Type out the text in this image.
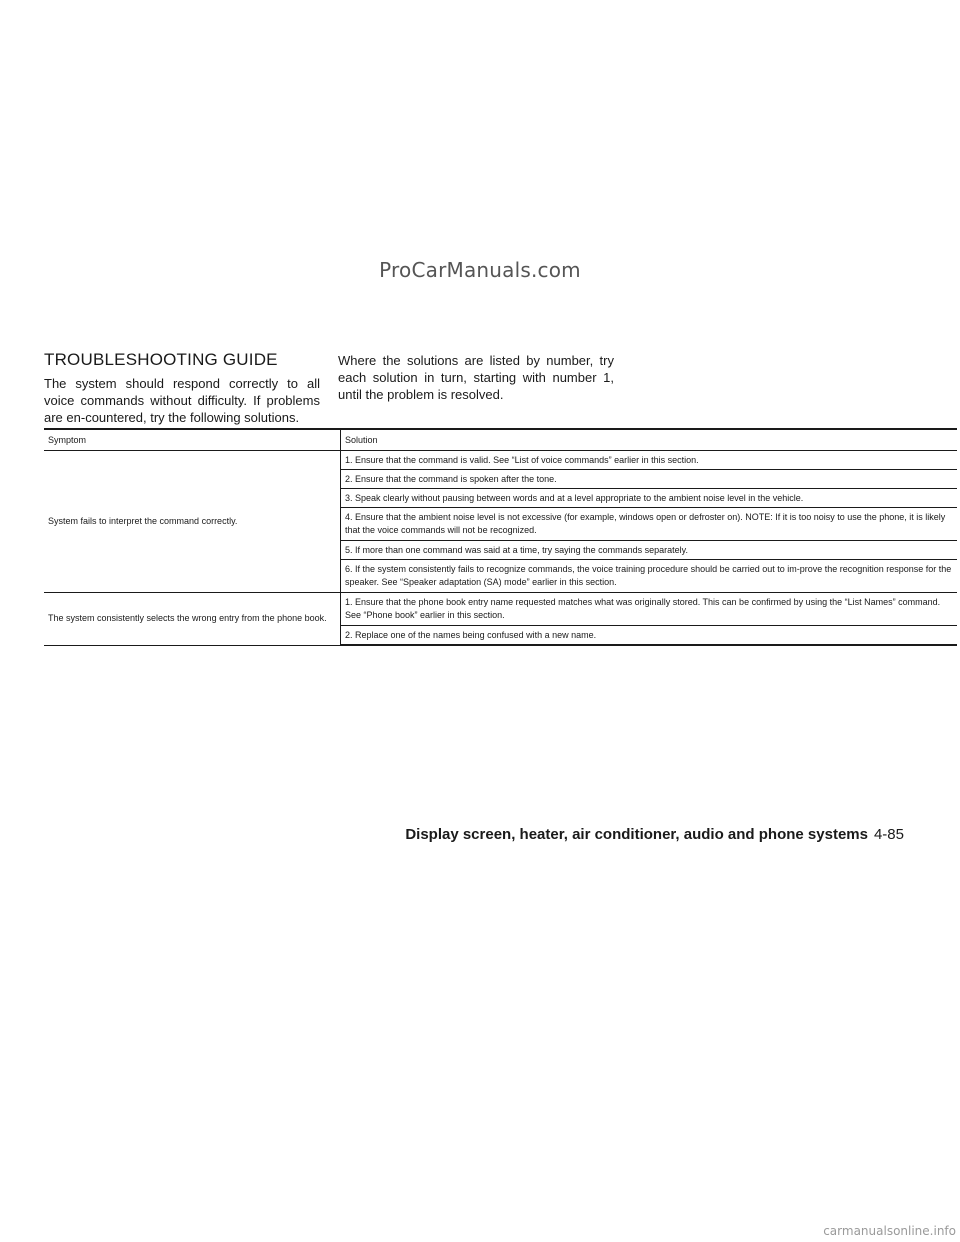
ProCarManuals.com
TROUBLESHOOTING GUIDE

The system should respond correctly to all voice commands without difficulty. If problems are en-countered, try the following solutions.

Where the solutions are listed by number, try each solution in turn, starting with number 1, until the problem is resolved.

Symptom	Solution
System fails to interpret the command correctly.	1. Ensure that the command is valid. See “List of voice commands” earlier in this section.
	2. Ensure that the command is spoken after the tone.
	3. Speak clearly without pausing between words and at a level appropriate to the ambient noise level in the vehicle.
	4. Ensure that the ambient noise level is not excessive (for example, windows open or defroster on). NOTE: If it is too noisy to use the phone, it is likely that the voice commands will not be recognized.
	5. If more than one command was said at a time, try saying the commands separately.
	6. If the system consistently fails to recognize commands, the voice training procedure should be carried out to im-prove the recognition response for the speaker. See “Speaker adaptation (SA) mode” earlier in this section.
The system consistently selects the wrong entry from the phone book.	1. Ensure that the phone book entry name requested matches what was originally stored. This can be confirmed by using the “List Names” command. See “Phone book” earlier in this section.
	2. Replace one of the names being confused with a new name.
Display screen, heater, air conditioner, audio and phone systems 4-85
carmanualsonline.info
